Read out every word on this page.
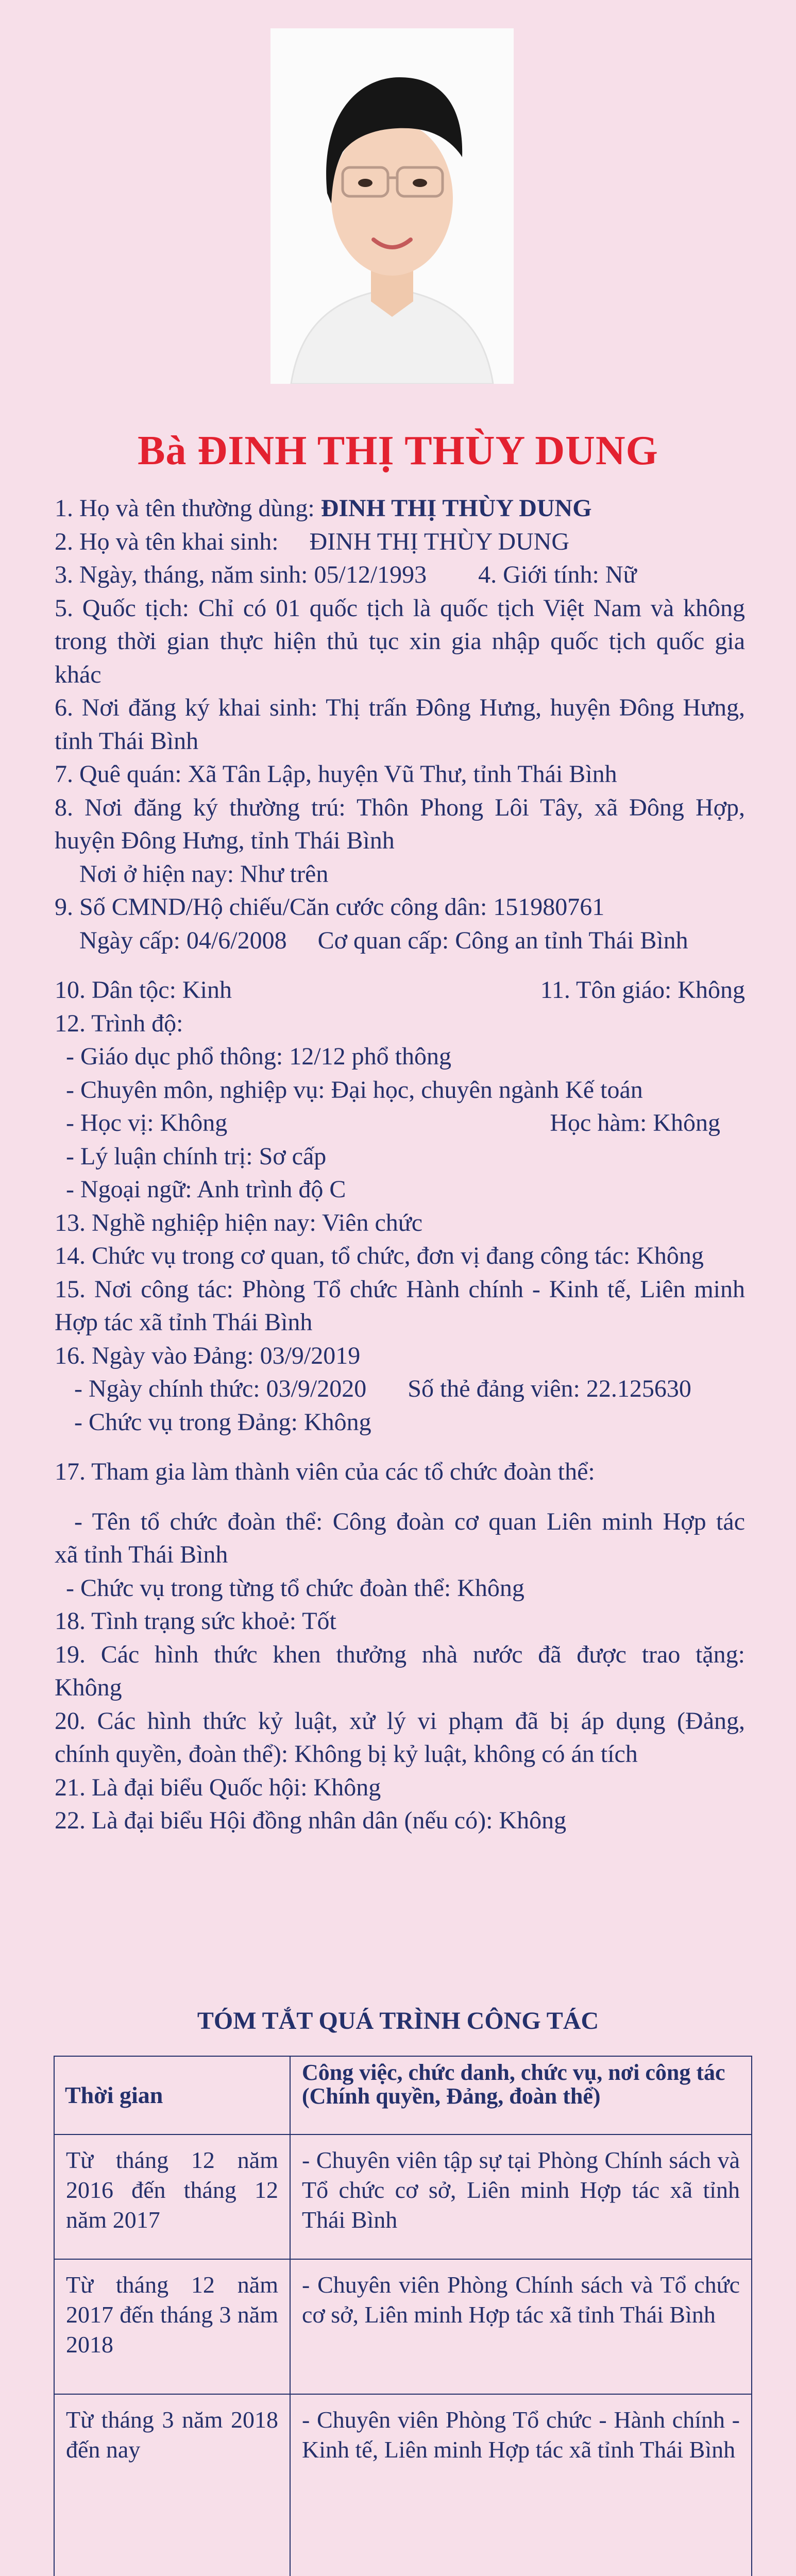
Bà ĐINH THỊ THÙY DUNG
1. Họ và tên thường dùng: ĐINH THỊ THÙY DUNG
2. Họ và tên khai sinh: ĐINH THỊ THÙY DUNG
3. Ngày, tháng, năm sinh: 05/12/1993 4. Giới tính: Nữ
5. Quốc tịch: Chỉ có 01 quốc tịch là quốc tịch Việt Nam và không
trong thời gian thực hiện thủ tục xin gia nhập quốc tịch quốc gia
khác
6. Nơi đăng ký khai sinh: Thị trấn Đông Hưng, huyện Đông Hưng,
tỉnh Thái Bình
7. Quê quán: Xã Tân Lập, huyện Vũ Thư, tỉnh Thái Bình
8. Nơi đăng ký thường trú: Thôn Phong Lôi Tây, xã Đông Hợp,
huyện Đông Hưng, tỉnh Thái Bình
Nơi ở hiện nay: Như trên
9. Số CMND/Hộ chiếu/Căn cước công dân: 151980761
Ngày cấp: 04/6/2008 Cơ quan cấp: Công an tỉnh Thái Bình
10. Dân tộc: Kinh	11. Tôn giáo: Không
12. Trình độ:
- Giáo dục phổ thông: 12/12 phổ thông
- Chuyên môn, nghiệp vụ: Đại học, chuyên ngành Kế toán
- Học vị: Không	Học hàm: Không
- Lý luận chính trị: Sơ cấp
- Ngoại ngữ: Anh trình độ C
13. Nghề nghiệp hiện nay: Viên chức
14. Chức vụ trong cơ quan, tổ chức, đơn vị đang công tác: Không
15. Nơi công tác: Phòng Tổ chức Hành chính - Kinh tế, Liên minh
Hợp tác xã tỉnh Thái Bình
16. Ngày vào Đảng: 03/9/2019
- Ngày chính thức: 03/9/2020 Số thẻ đảng viên: 22.125630
- Chức vụ trong Đảng: Không
17. Tham gia làm thành viên của các tổ chức đoàn thể:
- Tên tổ chức đoàn thể: Công đoàn cơ quan Liên minh Hợp tác
xã tỉnh Thái Bình
- Chức vụ trong từng tổ chức đoàn thể: Không
18. Tình trạng sức khoẻ: Tốt
19. Các hình thức khen thưởng nhà nước đã được trao tặng:
Không
20. Các hình thức kỷ luật, xử lý vi phạm đã bị áp dụng (Đảng,
chính quyền, đoàn thể): Không bị kỷ luật, không có án tích
21. Là đại biểu Quốc hội: Không
22. Là đại biểu Hội đồng nhân dân (nếu có): Không
TÓM TẮT QUÁ TRÌNH CÔNG TÁC
Thời gian	Công việc, chức danh, chức vụ, nơi công tác (Chính quyền, Đảng, đoàn thể)
Từ tháng 12 năm 2016 đến tháng 12 năm 2017	- Chuyên viên tập sự tại Phòng Chính sách và Tổ chức cơ sở, Liên minh Hợp tác xã tỉnh Thái Bình
Từ tháng 12 năm 2017 đến tháng 3 năm 2018	- Chuyên viên Phòng Chính sách và Tổ chức cơ sở, Liên minh Hợp tác xã tỉnh Thái Bình
Từ tháng 3 năm 2018 đến nay	- Chuyên viên Phòng Tổ chức - Hành chính - Kinh tế, Liên minh Hợp tác xã tỉnh Thái Bình
